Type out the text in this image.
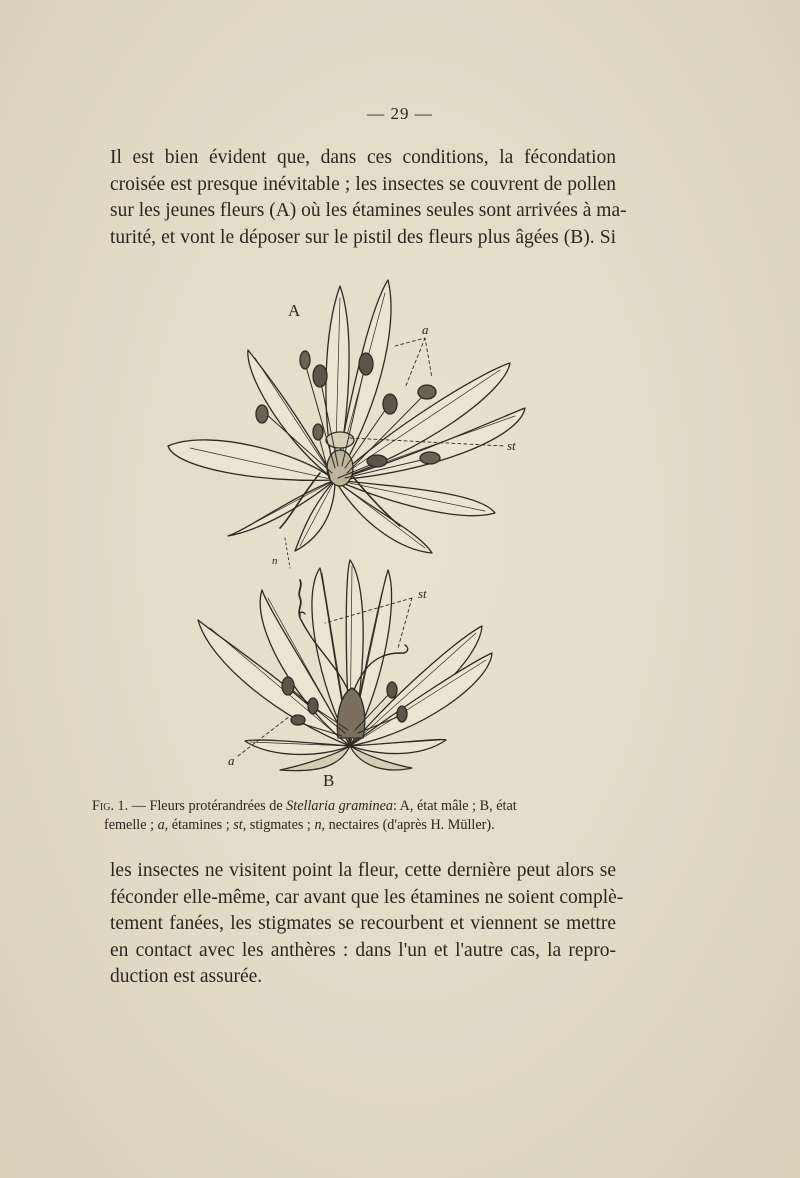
— 29 —
Il est bien évident que, dans ces conditions, la fécondation
croisée est presque inévitable ; les insectes se couvrent de pollen
sur les jeunes fleurs (A) où les étamines seules sont arrivées à ma-
turité, et vont le déposer sur le pistil des fleurs plus âgées (B). Si
A
a
st
n
st
a
B
Fig. 1. — Fleurs protérandrées de Stellaria graminea: A, état mâle ; B, état
femelle ; a, étamines ; st, stigmates ; n, nectaires (d'après H. Müller).
les insectes ne visitent point la fleur, cette dernière peut alors se
féconder elle-même, car avant que les étamines ne soient complè-
tement fanées, les stigmates se recourbent et viennent se mettre
en contact avec les anthères : dans l'un et l'autre cas, la repro-
duction est assurée.
